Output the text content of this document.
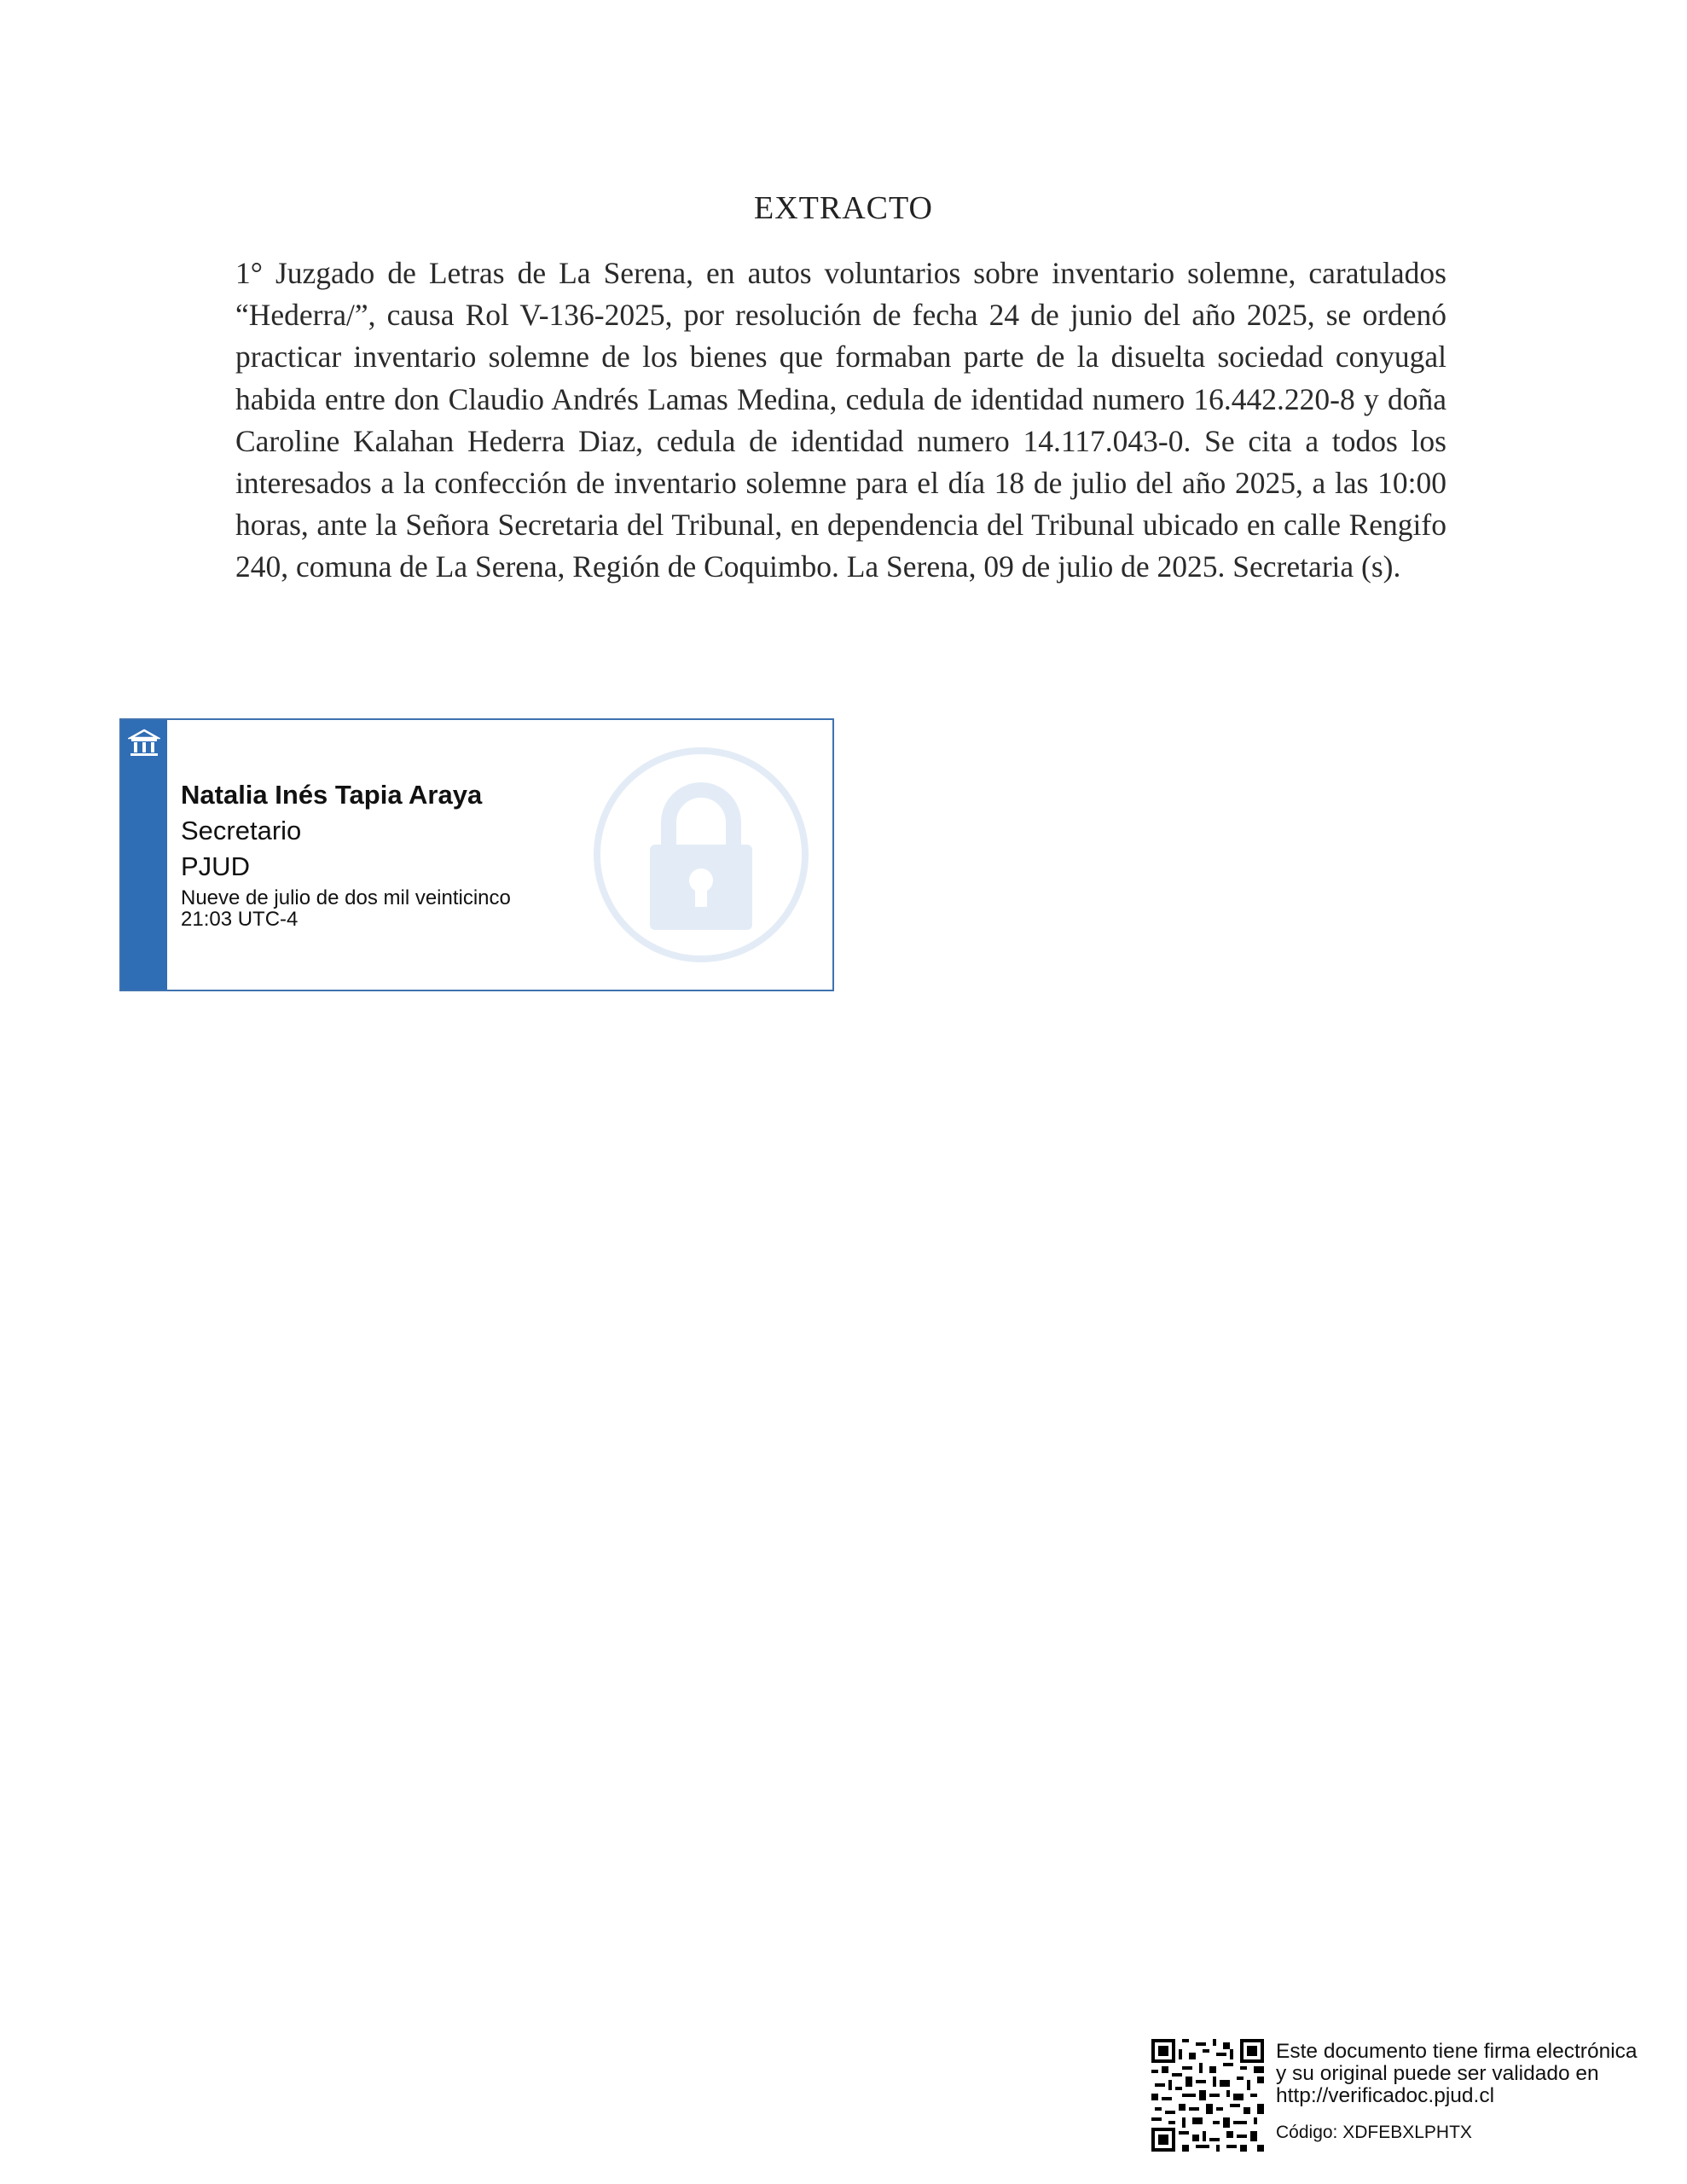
EXTRACTO
1° Juzgado de Letras de La Serena, en autos voluntarios sobre inventario solemne, caratulados “Hederra/”, causa Rol V-136-2025, por resolución de fecha 24 de junio del año 2025, se ordenó practicar inventario solemne de los bienes que formaban parte de la disuelta sociedad conyugal habida entre don Claudio Andrés Lamas Medina, cedula de identidad numero 16.442.220-8 y doña Caroline Kalahan Hederra Diaz, cedula de identidad numero 14.117.043-0. Se cita a todos los interesados a la confección de inventario solemne para el día 18 de julio del año 2025, a las 10:00 horas, ante la Señora Secretaria del Tribunal, en dependencia del Tribunal ubicado en calle Rengifo 240, comuna de La Serena, Región de Coquimbo. La Serena, 09 de julio de 2025. Secretaria (s).
Natalia Inés Tapia Araya
Secretario
PJUD
Nueve de julio de dos mil veinticinco
21:03 UTC-4
Este documento tiene firma electrónica
y su original puede ser validado en
http://verificadoc.pjud.cl
Código: XDFEBXLPHTX
